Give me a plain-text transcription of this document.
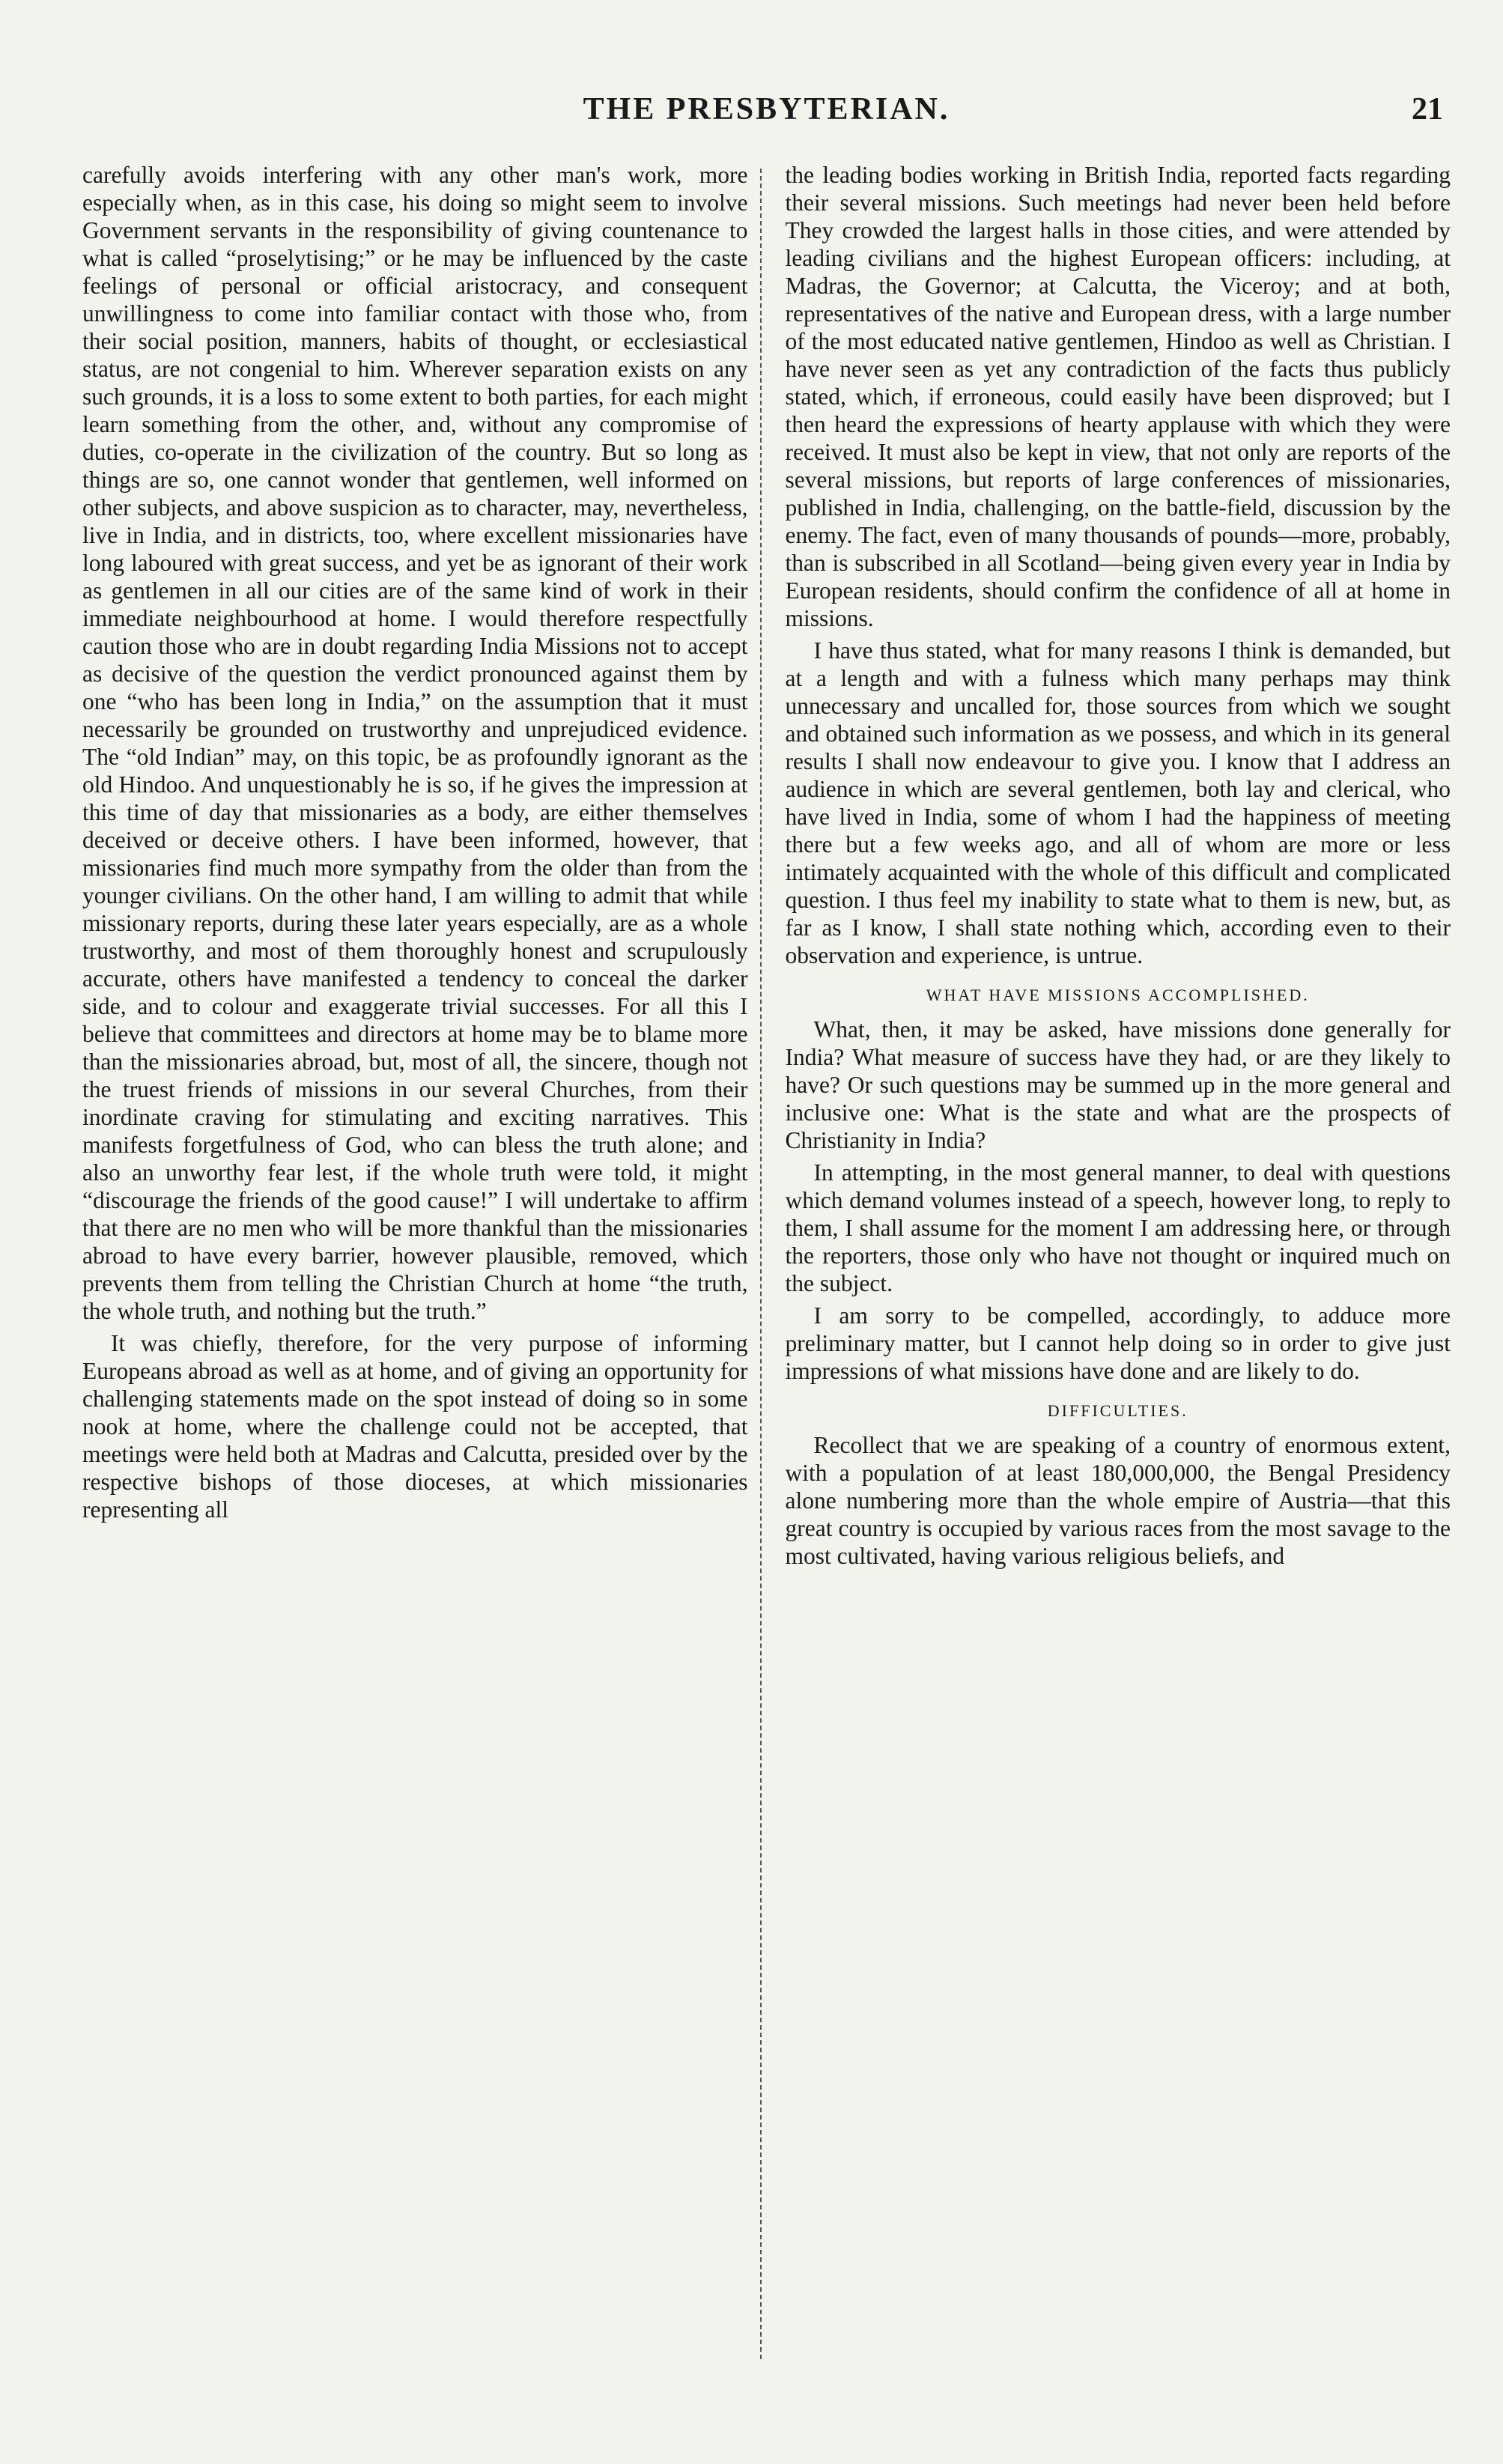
THE PRESBYTERIAN.	21

carefully avoids interfering with any other man's work, more especially when, as in this case, his doing so might seem to involve Government servants in the responsibility of giving countenance to what is called “proselytising;” or he may be influenced by the caste feelings of personal or official aristocracy, and consequent unwillingness to come into familiar contact with those who, from their social position, manners, habits of thought, or ecclesiastical status, are not congenial to him. Wherever separation exists on any such grounds, it is a loss to some extent to both parties, for each might learn something from the other, and, without any compromise of duties, co-operate in the civilization of the country. But so long as things are so, one cannot wonder that gentlemen, well informed on other subjects, and above suspicion as to character, may, nevertheless, live in India, and in districts, too, where excellent missionaries have long laboured with great success, and yet be as ignorant of their work as gentlemen in all our cities are of the same kind of work in their immediate neighbourhood at home. I would therefore respectfully caution those who are in doubt regarding India Missions not to accept as decisive of the question the verdict pronounced against them by one “who has been long in India,” on the assumption that it must necessarily be grounded on trustworthy and unprejudiced evidence. The “old Indian” may, on this topic, be as profoundly ignorant as the old Hindoo. And unquestionably he is so, if he gives the impression at this time of day that missionaries as a body, are either themselves deceived or deceive others. I have been informed, however, that missionaries find much more sympathy from the older than from the younger civilians. On the other hand, I am willing to admit that while missionary reports, during these later years especially, are as a whole trustworthy, and most of them thoroughly honest and scrupulously accurate, others have manifested a tendency to conceal the darker side, and to colour and exaggerate trivial successes. For all this I believe that committees and directors at home may be to blame more than the missionaries abroad, but, most of all, the sincere, though not the truest friends of missions in our several Churches, from their inordinate craving for stimulating and exciting narratives. This manifests forgetfulness of God, who can bless the truth alone; and also an unworthy fear lest, if the whole truth were told, it might “discourage the friends of the good cause!” I will undertake to affirm that there are no men who will be more thankful than the missionaries abroad to have every barrier, however plausible, removed, which prevents them from telling the Christian Church at home “the truth, the whole truth, and nothing but the truth.”

It was chiefly, therefore, for the very purpose of informing Europeans abroad as well as at home, and of giving an opportunity for challenging statements made on the spot instead of doing so in some nook at home, where the challenge could not be accepted, that meetings were held both at Madras and Calcutta, presided over by the respective bishops of those dioceses, at which missionaries representing all

the leading bodies working in British India, reported facts regarding their several missions. Such meetings had never been held before They crowded the largest halls in those cities, and were attended by leading civilians and the highest European officers: including, at Madras, the Governor; at Calcutta, the Viceroy; and at both, representatives of the native and European dress, with a large number of the most educated native gentlemen, Hindoo as well as Christian. I have never seen as yet any contradiction of the facts thus publicly stated, which, if erroneous, could easily have been disproved; but I then heard the expressions of hearty applause with which they were received. It must also be kept in view, that not only are reports of the several missions, but reports of large conferences of missionaries, published in India, challenging, on the battle-field, discussion by the enemy. The fact, even of many thousands of pounds—more, probably, than is subscribed in all Scotland—being given every year in India by European residents, should confirm the confidence of all at home in missions.

I have thus stated, what for many reasons I think is demanded, but at a length and with a fulness which many perhaps may think unnecessary and uncalled for, those sources from which we sought and obtained such information as we possess, and which in its general results I shall now endeavour to give you. I know that I address an audience in which are several gentlemen, both lay and clerical, who have lived in India, some of whom I had the happiness of meeting there but a few weeks ago, and all of whom are more or less intimately acquainted with the whole of this difficult and complicated question. I thus feel my inability to state what to them is new, but, as far as I know, I shall state nothing which, according even to their observation and experience, is untrue.

WHAT HAVE MISSIONS ACCOMPLISHED.

What, then, it may be asked, have missions done generally for India? What measure of success have they had, or are they likely to have? Or such questions may be summed up in the more general and inclusive one: What is the state and what are the prospects of Christianity in India?

In attempting, in the most general manner, to deal with questions which demand volumes instead of a speech, however long, to reply to them, I shall assume for the moment I am addressing here, or through the reporters, those only who have not thought or inquired much on the subject.

I am sorry to be compelled, accordingly, to adduce more preliminary matter, but I cannot help doing so in order to give just impressions of what missions have done and are likely to do.

DIFFICULTIES.

Recollect that we are speaking of a country of enormous extent, with a population of at least 180,000,000, the Bengal Presidency alone numbering more than the whole empire of Austria—that this great country is occupied by various races from the most savage to the most cultivated, having various religious beliefs, and
